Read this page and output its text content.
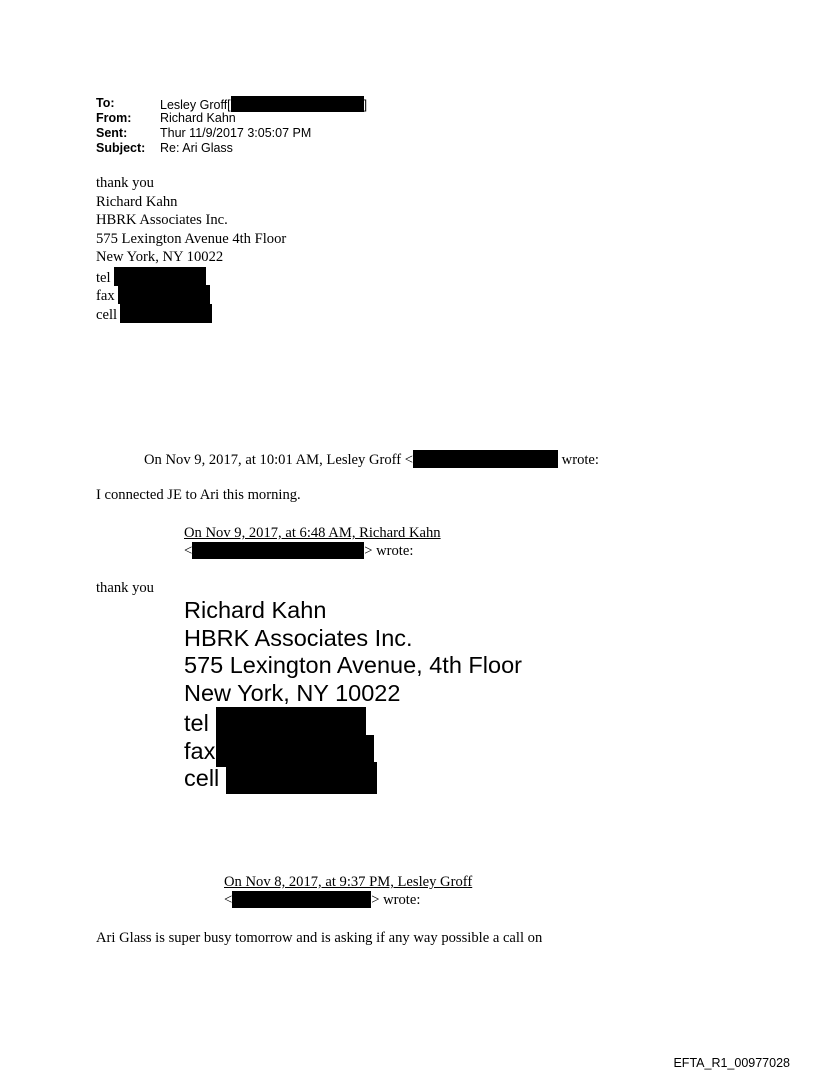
To:	Lesley Groff[	]
From: Richard Kahn
Sent:	Thur 11/9/2017 3:05:07 PM
Subject: Re: Ari Glass
thank you
Richard Kahn
HBRK Associates Inc.
575 Lexington Avenue 4th Floor
New York, NY 10022
tel
fax
cell
On Nov 9, 2017, at 10:01 AM, Lesley Groff <	wrote:
I connected JE to Ari this morning.
On Nov 9, 2017, at 6:48 AM, Richard Kahn
<	> wrote:
thank you
Richard Kahn
HBRK Associates Inc.
575 Lexington Avenue, 4th Floor
New York, NY 10022
tel
fax
cell
On Nov 8, 2017, at 9:37 PM, Lesley Groff
<	> wrote:
Ari Glass is super busy tomorrow and is asking if any way possible a call on
EFTA_R1_00977028
